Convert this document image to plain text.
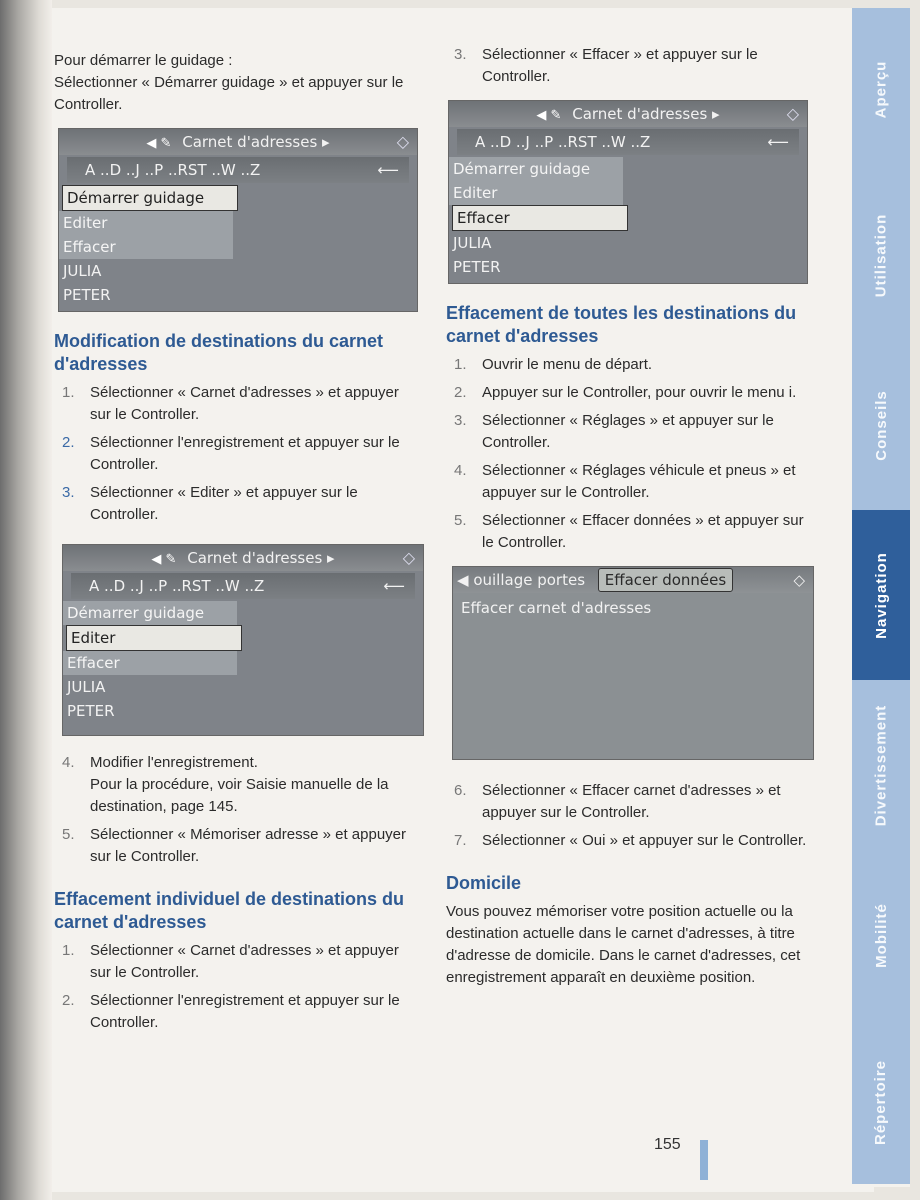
Pour démarrer le guidage :
Sélectionner « Démarrer guidage » et appuyer sur le Controller.

◀ ✎ Carnet d'adresses ▸	◇
A ..D ..J ..P ..RST ..W ..Z	⟵
Démarrer guidage
Editer
Effacer
JULIA
PETER
Modification de destinations du carnet d'adresses
1. Sélectionner « Carnet d'adresses » et appuyer sur le Controller.
2. Sélectionner l'enregistrement et appuyer sur le Controller.
3. Sélectionner « Editer » et appuyer sur le Controller.
◀ ✎ Carnet d'adresses ▸	◇
A ..D ..J ..P ..RST ..W ..Z	⟵
Démarrer guidage
Editer
Effacer
JULIA
PETER
4. Modifier l'enregistrement.
Pour la procédure, voir Saisie manuelle de la destination, page 145.
5. Sélectionner « Mémoriser adresse » et appuyer sur le Controller.
Effacement individuel de destinations du carnet d'adresses
1. Sélectionner « Carnet d'adresses » et appuyer sur le Controller.
2. Sélectionner l'enregistrement et appuyer sur le Controller.
3. Sélectionner « Effacer » et appuyer sur le Controller.
◀ ✎ Carnet d'adresses ▸	◇
A ..D ..J ..P ..RST ..W ..Z	⟵
Démarrer guidage
Editer
Effacer
JULIA
PETER
Effacement de toutes les destinations du carnet d'adresses
1. Ouvrir le menu de départ.
2. Appuyer sur le Controller, pour ouvrir le menu i.
3. Sélectionner « Réglages » et appuyer sur le Controller.
4. Sélectionner « Réglages véhicule et pneus » et appuyer sur le Controller.
5. Sélectionner « Effacer données » et appuyer sur le Controller.
◀ ouillage portes Effacer données	◇
Effacer carnet d'adresses
6. Sélectionner « Effacer carnet d'adresses » et appuyer sur le Controller.
7. Sélectionner « Oui » et appuyer sur le Controller.
Domicile

Vous pouvez mémoriser votre position actuelle ou la destination actuelle dans le carnet d'adresses, à titre d'adresse de domicile. Dans le carnet d'adresses, cet enregistrement apparaît en deuxième position.

155
Aperçu
Utilisation
Conseils
Navigation
Divertissement
Mobilité
Répertoire
